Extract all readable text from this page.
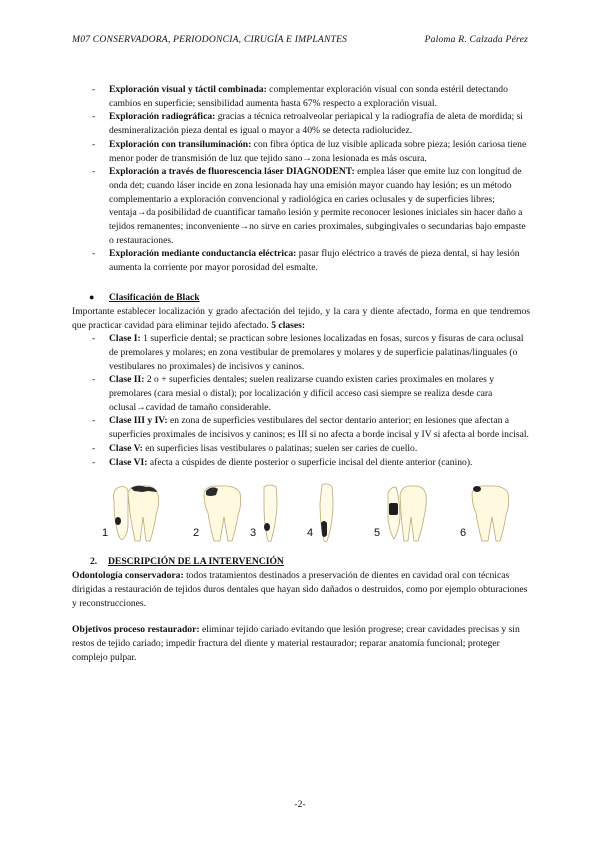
M07 CONSERVADORA, PERIODONCIA, CIRUGÍA E IMPLANTES	Paloma R. Calzada Pérez
- Exploración visual y táctil combinada: complementar exploración visual con sonda estéril detectando cambios en superficie; sensibilidad aumenta hasta 67% respecto a exploración visual.
- Exploración radiográfica: gracias a técnica retroalveolar periapical y la radiografía de aleta de mordida; si desmineralización pieza dental es igual o mayor a 40% se detecta radiolucidez.
- Exploración con transiluminación: con fibra óptica de luz visible aplicada sobre pieza; lesión cariosa tiene menor poder de transmisión de luz que tejido sano→zona lesionada es más oscura.
- Exploración a través de fluorescencia láser DIAGNODENT: emplea láser que emite luz con longitud de onda det; cuando láser incide en zona lesionada hay una emisión mayor cuando hay lesión; es un método complementario a exploración convencional y radiológica en caries oclusales y de superficies libres; ventaja→da posibilidad de cuantificar tamaño lesión y permite reconocer lesiones iniciales sin hacer daño a tejidos remanentes; inconveniente→no sirve en caries proximales, subgingivales o secundarias bajo empaste o restauraciones.
- Exploración mediante conductancia eléctrica: pasar flujo eléctrico a través de pieza dental, si hay lesión aumenta la corriente por mayor porosidad del esmalte.
● Clasificación de Black

Importante establecer localización y grado afectación del tejido, y la cara y diente afectado, forma en que tendremos que practicar cavidad para eliminar tejido afectado. 5 clases:

- Clase I: 1 superficie dental; se practican sobre lesiones localizadas en fosas, surcos y fisuras de cara oclusal de premolares y molares; en zona vestibular de premolares y molares y de superficie palatinas/linguales (o vestibulares no proximales) de incisivos y caninos.
- Clase II: 2 o + superficies dentales; suelen realizarse cuando existen caries proximales en molares y premolares (cara mesial o distal); por localización y difícil acceso casi siempre se realiza desde cara oclusal→cavidad de tamaño considerable.
- Clase III y IV: en zona de superficies vestibulares del sector dentario anterior; en lesiones que afectan a superficies proximales de incisivos y caninos; es III si no afecta a borde incisal y IV si afecta al borde incisal.
- Clase V: en superficies lisas vestibulares o palatinas; suelen ser caries de cuello.
- Clase VI: afecta a cúspides de diente posterior o superficie incisal del diente anterior (canino).
1	2	3	4	5	6
2. DESCRIPCIÓN DE LA INTERVENCIÓN

Odontología conservadora: todos tratamientos destinados a preservación de dientes en cavidad oral con técnicas dirigidas a restauración de tejidos duros dentales que hayan sido dañados o destruidos, como por ejemplo obturaciones y reconstrucciones.

Objetivos proceso restaurador: eliminar tejido cariado evitando que lesión progrese; crear cavidades precisas y sin restos de tejido cariado; impedir fractura del diente y material restaurador; reparar anatomía funcional; proteger complejo pulpar.

-2-
